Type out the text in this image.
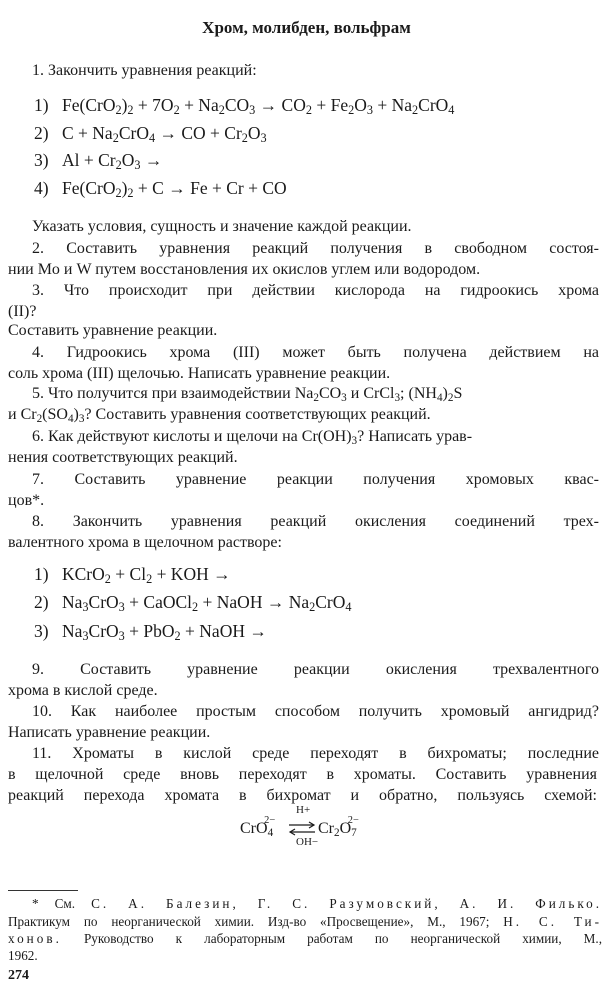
Хром, молибден, вольфрам
1. Закончить уравнения реакций:
1) $Fe(CrO_2)_2 + 7O_2 + Na_2CO_3 \to CO_2 + Fe_2O_3 + Na_2CrO_4$
2) $C + Na_2CrO_4$ → CO + $Cr_2O_3$
3) $Al + Cr_2O_3$ →
4) $Fe(CrO_2)_2 + C \to Fe + Cr$ + CO
Указать условия, сущность и значение каждой реакции.
2. Составить уравнения реакций получения в свободном состоя-
нии Mo и W путем восстановления их окислов углем или водородом.
3. Что происходит при действии кислорода на гидроокись хрома
(II)?
Составить уравнение реакции.
4. Гидроокись хрома (III) может быть получена действием на
соль хрома (III) щелочью. Написать уравнение реакции.
5. Что получится при взаимодействии $Na_2CO_3$ и CrCl$_3$; $(NH_4)_2S$
и $Cr_2(SO_4)_3$? Составить уравнения соответствующих реакций.
6. Как действуют кислоты и щелочи на $Cr(OH)_3$? Написать урав-
нения соответствующих реакций.
7. Составить уравнение реакции получения хромовых квас-
цов*.
8. Закончить уравнения реакций окисления соединений трех-
валентного хрома в щелочном растворе:
1) KCrO$_2$ + $Cl_2$ + KOH →
2) $Na_3CrO_3$ + CaOCl$_2$ + NaOH → $Na_2CrO_4$
3) $Na_3CrO_3 + PbO_2$ + NaOH →
9. Составить уравнение реакции окисления трехвалентного
хрома в кислой среде.
10. Как наиболее простым способом получить хромовый ангидрид?
Написать уравнение реакции.
11. Хроматы в кислой среде переходят в бихроматы; последние
в щелочной среде вновь переходят в хроматы. Составить уравнения
реакций перехода хромата в бихромат и обратно, пользуясь схемой:
CrO$_4^{2-}$
H+
OH−
$Cr_2O_7^{2-}$
* См. С. А. Балезин, Г. С. Разумовский, А. И. Филько.
Практикум по неорганической химии. Изд-во «Просвещение», М., 1967; Н. С. Ти-
хонов. Руководство к лабораторным работам по неорганической химии, М.,
1962.
274
